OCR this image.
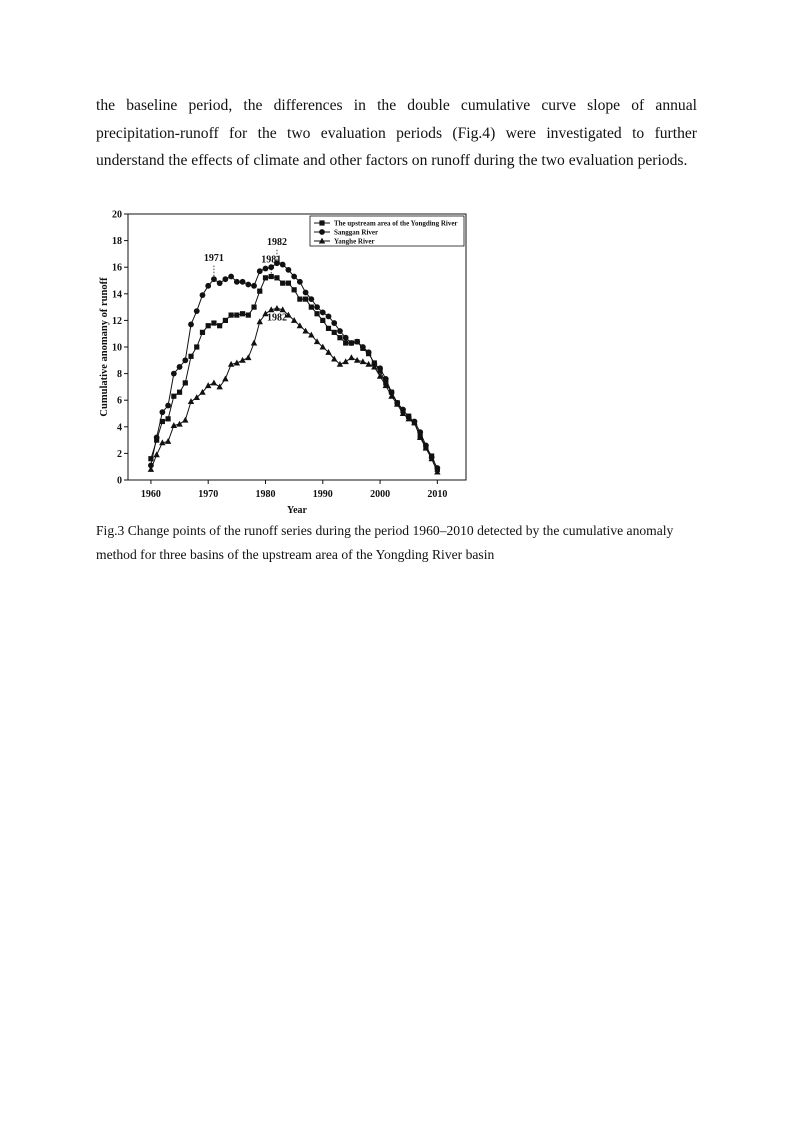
the baseline period, the differences in the double cumulative curve slope of annual precipitation-runoff for the two evaluation periods (Fig.4) were investigated to further understand the effects of climate and other factors on runoff during the two evaluation periods.
0
2
4
6
8
10
12
14
16
18
20
1960	1970	1980	1990	2000	2010
Year
Cumulative anomany of runoff
1971
1982
1981
1982
The upstream area of the Yongding River
Sanggan River
Yanghe River
Fig.3 Change points of the runoff series during the period 1960–2010 detected by the cumulative anomaly method for three basins of the upstream area of the Yongding River basin
